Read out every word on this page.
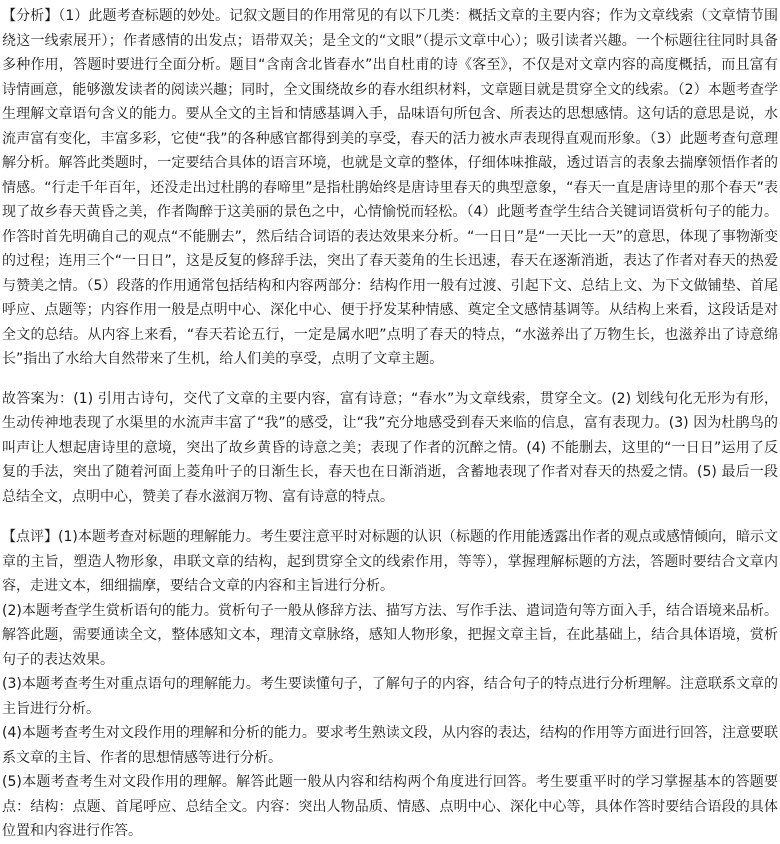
【分析】（1）此题考查标题的妙处。记叙文题目的作用常见的有以下几类：概括文章的主要内容；作为文章线索（文章情节围绕这一线索展开）；作者感情的出发点；语带双关；是全文的“文眼”（提示文章中心）；吸引读者兴趣。一个标题往往同时具备多种作用，答题时要进行全面分析。题目“含南含北皆春水”出自杜甫的诗《客至》，不仅是对文章内容的高度概括，而且富有诗情画意，能够激发读者的阅读兴趣；同时，全文围绕故乡的春水组织材料，文章题目就是贯穿全文的线索。（2）本题考查学生理解文章语句含义的能力。要从全文的主旨和情感基调入手，品味语句所包含、所表达的思想感情。这句话的意思是说，水流声富有变化，丰富多彩，它使“我”的各种感官都得到美的享受，春天的活力被水声表现得直观而形象。（3）此题考查句意理解分析。解答此类题时，一定要结合具体的语言环境，也就是文章的整体，仔细体味推敲，透过语言的表象去揣摩领悟作者的情感。“行走千年百年，还没走出过杜鹃的春啼里”是指杜鹃始终是唐诗里春天的典型意象，“春天一直是唐诗里的那个春天”表现了故乡春天黄昏之美，作者陶醉于这美丽的景色之中，心情愉悦而轻松。（4）此题考查学生结合关键词语赏析句子的能力。作答时首先明确自己的观点“不能删去”，然后结合词语的表达效果来分析。“一日日”是“一天比一天”的意思，体现了事物渐变的过程；连用三个“一日日”，这是反复的修辞手法，突出了春天菱角的生长迅速，春天在逐渐消逝，表达了作者对春天的热爱与赞美之情。（5）段落的作用通常包括结构和内容两部分：结构作用一般有过渡、引起下文、总结上文、为下文做铺垫、首尾呼应、点题等；内容作用一般是点明中心、深化中心、便于抒发某种情感、奠定全文感情基调等。从结构上来看，这段话是对全文的总结。从内容上来看，“春天若论五行，一定是属水吧”点明了春天的特点，“水滋养出了万物生长，也滋养出了诗意绵长”指出了水给大自然带来了生机，给人们美的享受，点明了文章主题。

故答案为：(1) 引用古诗句，交代了文章的主要内容，富有诗意；“春水”为文章线索，贯穿全文。(2) 划线句化无形为有形，生动传神地表现了水渠里的水流声丰富了“我”的感受，让“我”充分地感受到春天来临的信息，富有表现力。(3) 因为杜鹃鸟的叫声让人想起唐诗里的意境，突出了故乡黄昏的诗意之美；表现了作者的沉醉之情。(4) 不能删去，这里的“一日日”运用了反复的手法，突出了随着河面上菱角叶子的日渐生长，春天也在日渐消逝，含蓄地表现了作者对春天的热爱之情。(5) 最后一段总结全文，点明中心，赞美了春水滋润万物、富有诗意的特点。

【点评】(1)本题考查对标题的理解能力。考生要注意平时对标题的认识（标题的作用能透露出作者的观点或感情倾向，暗示文章的主旨，塑造人物形象，串联文章的结构，起到贯穿全文的线索作用，等等），掌握理解标题的方法，答题时要结合文章内容，走进文本，细细揣摩，要结合文章的内容和主旨进行分析。

(2)本题考查学生赏析语句的能力。赏析句子一般从修辞方法、描写方法、写作手法、遣词造句等方面入手，结合语境来品析。解答此题，需要通读全文，整体感知文本，理清文章脉络，感知人物形象，把握文章主旨，在此基础上，结合具体语境，赏析句子的表达效果。

(3)本题考查考生对重点语句的理解能力。考生要读懂句子，了解句子的内容，结合句子的特点进行分析理解。注意联系文章的主旨进行分析。

(4)本题考查考生对文段作用的理解和分析的能力。要求考生熟读文段，从内容的表达，结构的作用等方面进行回答，注意要联系文章的主旨、作者的思想情感等进行分析。

(5)本题考查考生对文段作用的理解。解答此题一般从内容和结构两个角度进行回答。考生要重平时的学习掌握基本的答题要点：结构：点题、首尾呼应、总结全文。内容：突出人物品质、情感、点明中心、深化中心等，具体作答时要结合语段的具体位置和内容进行作答。
